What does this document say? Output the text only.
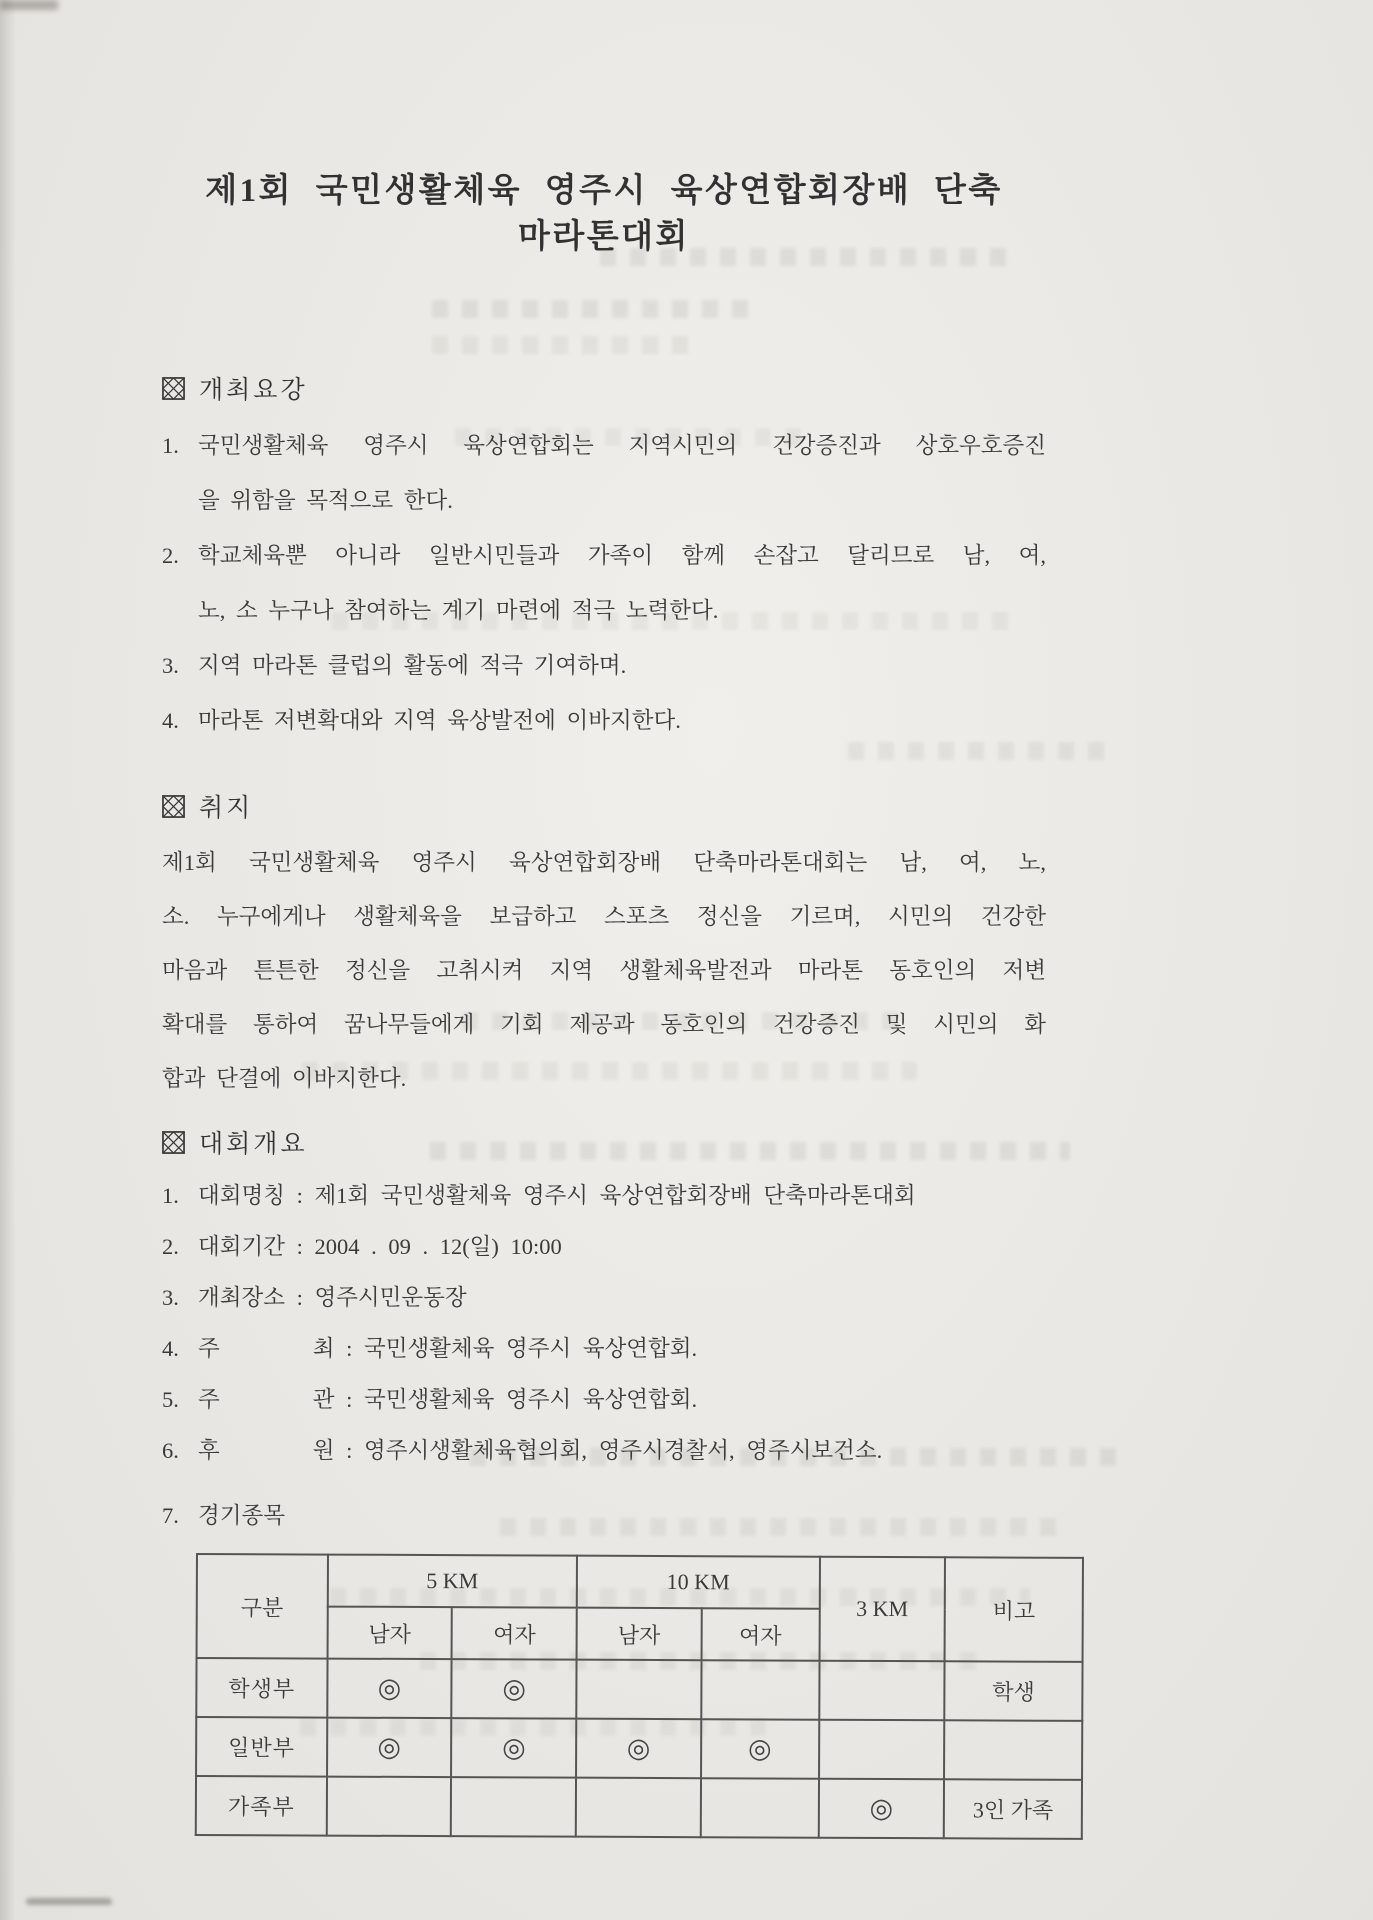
제1회 국민생활체육 영주시 육상연합회장배 단축
마라톤대회
개최요강
1. 국민생활체육 영주시 육상연합회는 지역시민의 건강증진과 상호우호증진
을 위함을 목적으로 한다.
2. 학교체육뿐 아니라 일반시민들과 가족이 함께 손잡고 달리므로 남, 여,
노, 소 누구나 참여하는 계기 마련에 적극 노력한다.
3. 지역 마라톤 클럽의 활동에 적극 기여하며.
4. 마라톤 저변확대와 지역 육상발전에 이바지한다.
취지
제1회 국민생활체육 영주시 육상연합회장배 단축마라톤대회는 남, 여, 노,
소. 누구에게나 생활체육을 보급하고 스포츠 정신을 기르며, 시민의 건강한
마음과 튼튼한 정신을 고취시켜 지역 생활체육발전과 마라톤 동호인의 저변
확대를 통하여 꿈나무들에게 기회 제공과 동호인의 건강증진 및 시민의 화
합과 단결에 이바지한다.
대회개요
1. 대회명칭 : 제1회 국민생활체육 영주시 육상연합회장배 단축마라톤대회
2. 대회기간 : 2004 . 09 . 12(일) 10:00
3. 개최장소 : 영주시민운동장
4. 주        최 : 국민생활체육 영주시 육상연합회.
5. 주        관 : 국민생활체육 영주시 육상연합회.
6. 후        원 : 영주시생활체육협의회, 영주시경찰서, 영주시보건소.
7. 경기종목
구분	5 KM		10 KM		3 KM	비고
	남자	여자	남자	여자		
학생부	◎	◎				학생
일반부	◎	◎	◎	◎		
가족부					◎	3인 가족
